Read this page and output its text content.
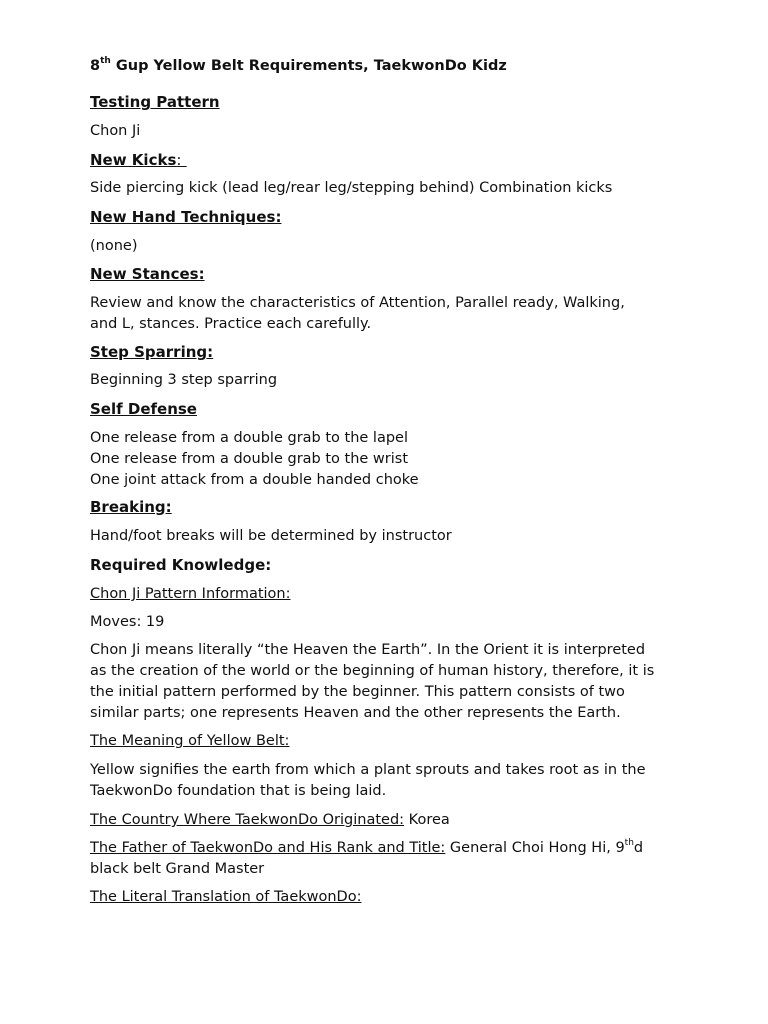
8th Gup Yellow Belt Requirements, TaekwonDo Kidz
Testing Pattern
Chon Ji
New Kicks:
Side piercing kick (lead leg/rear leg/stepping behind) Combination kicks
New Hand Techniques:
(none)
New Stances:
Review and know the characteristics of Attention, Parallel ready, Walking,
and L, stances. Practice each carefully.
Step Sparring:
Beginning 3 step sparring
Self Defense
One release from a double grab to the lapel
One release from a double grab to the wrist
One joint attack from a double handed choke
Breaking:
Hand/foot breaks will be determined by instructor
Required Knowledge:
Chon Ji Pattern Information:
Moves: 19
Chon Ji means literally “the Heaven the Earth”. In the Orient it is interpreted
as the creation of the world or the beginning of human history, therefore, it is
the initial pattern performed by the beginner. This pattern consists of two
similar parts; one represents Heaven and the other represents the Earth.
The Meaning of Yellow Belt:
Yellow signifies the earth from which a plant sprouts and takes root as in the
TaekwonDo foundation that is being laid.
The Country Where TaekwonDo Originated: Korea
The Father of TaekwonDo and His Rank and Title: General Choi Hong Hi, 9thd
black belt Grand Master
The Literal Translation of TaekwonDo:
